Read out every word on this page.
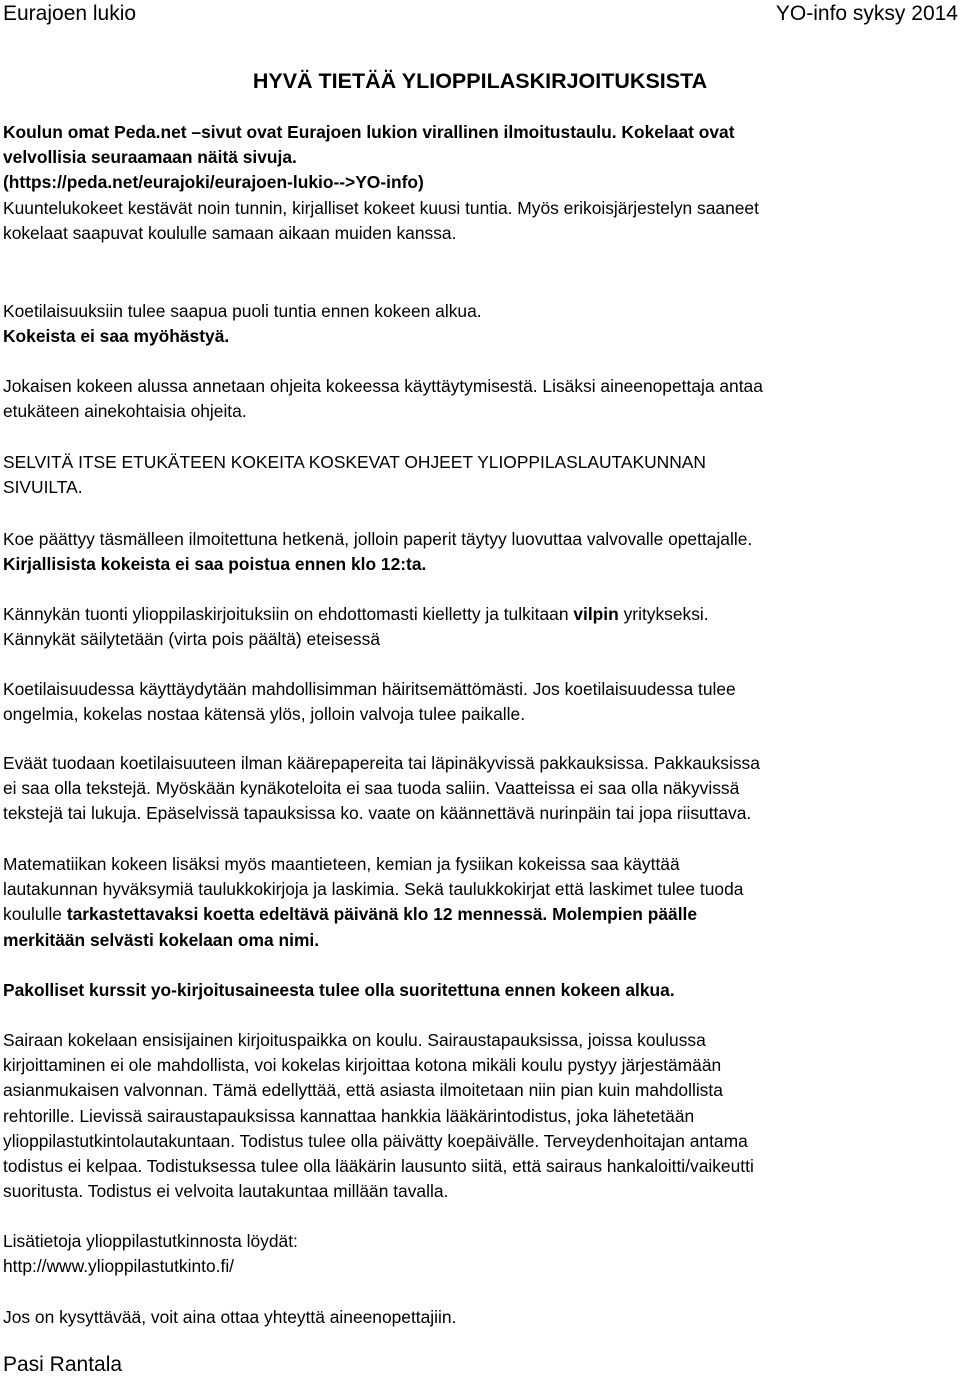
Eurajoen lukio	YO-info syksy 2014
HYVÄ TIETÄÄ YLIOPPILASKIRJOITUKSISTA
Koulun omat Peda.net –sivut ovat Eurajoen lukion virallinen ilmoitustaulu. Kokelaat ovat
velvollisia seuraamaan näitä sivuja.
(https://peda.net/eurajoki/eurajoen-lukio-->YO-info)
Kuuntelukokeet kestävät noin tunnin, kirjalliset kokeet kuusi tuntia. Myös erikoisjärjestelyn saaneet
kokelaat saapuvat koululle samaan aikaan muiden kanssa.
Koetilaisuuksiin tulee saapua puoli tuntia ennen kokeen alkua.
Kokeista ei saa myöhästyä.
Jokaisen kokeen alussa annetaan ohjeita kokeessa käyttäytymisestä. Lisäksi aineenopettaja antaa
etukäteen ainekohtaisia ohjeita.
SELVITÄ ITSE ETUKÄTEEN KOKEITA KOSKEVAT OHJEET YLIOPPILASLAUTAKUNNAN
SIVUILTA.
Koe päättyy täsmälleen ilmoitettuna hetkenä, jolloin paperit täytyy luovuttaa valvovalle opettajalle.
Kirjallisista kokeista ei saa poistua ennen klo 12:ta.
Kännykän tuonti ylioppilaskirjoituksiin on ehdottomasti kielletty ja tulkitaan vilpin yritykseksi.
Kännykät säilytetään (virta pois päältä) eteisessä
Koetilaisuudessa käyttäydytään mahdollisimman häiritsemättömästi. Jos koetilaisuudessa tulee
ongelmia, kokelas nostaa kätensä ylös, jolloin valvoja tulee paikalle.
Eväät tuodaan koetilaisuuteen ilman käärepapereita tai läpinäkyvissä pakkauksissa. Pakkauksissa
ei saa olla tekstejä. Myöskään kynäkoteloita ei saa tuoda saliin. Vaatteissa ei saa olla näkyvissä
tekstejä tai lukuja. Epäselvissä tapauksissa ko. vaate on käännettävä nurinpäin tai jopa riisuttava.
Matematiikan kokeen lisäksi myös maantieteen, kemian ja fysiikan kokeissa saa käyttää
lautakunnan hyväksymiä taulukkokirjoja ja laskimia. Sekä taulukkokirjat että laskimet tulee tuoda
koululle tarkastettavaksi koetta edeltävä päivänä klo 12 mennessä. Molempien päälle
merkitään selvästi kokelaan oma nimi.
Pakolliset kurssit yo-kirjoitusaineesta tulee olla suoritettuna ennen kokeen alkua.
Sairaan kokelaan ensisijainen kirjoituspaikka on koulu. Sairaustapauksissa, joissa koulussa
kirjoittaminen ei ole mahdollista, voi kokelas kirjoittaa kotona mikäli koulu pystyy järjestämään
asianmukaisen valvonnan. Tämä edellyttää, että asiasta ilmoitetaan niin pian kuin mahdollista
rehtorille. Lievissä sairaustapauksissa kannattaa hankkia lääkärintodistus, joka lähetetään
ylioppilastutkintolautakuntaan. Todistus tulee olla päivätty koepäivälle. Terveydenhoitajan antama
todistus ei kelpaa. Todistuksessa tulee olla lääkärin lausunto siitä, että sairaus hankaloitti/vaikeutti
suoritusta. Todistus ei velvoita lautakuntaa millään tavalla.
Lisätietoja ylioppilastutkinnosta löydät:
http://www.ylioppilastutkinto.fi/
Jos on kysyttävää, voit aina ottaa yhteyttä aineenopettajiin.
Pasi Rantala
